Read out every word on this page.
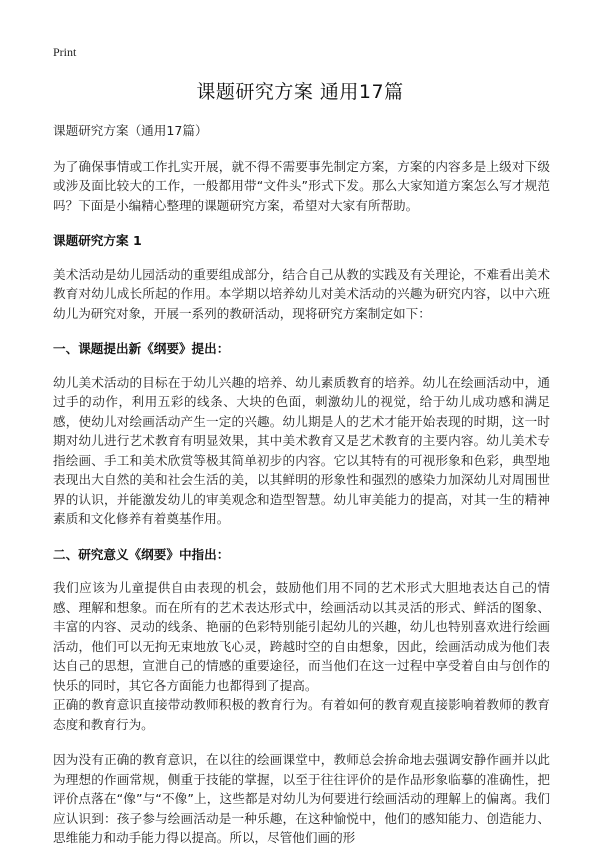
Print
课题研究方案 通用17篇

课题研究方案（通用17篇）

为了确保事情或工作扎实开展，就不得不需要事先制定方案，方案的内容多是上级对下级或涉及面比较大的工作，一般都用带“文件头”形式下发。那么大家知道方案怎么写才规范吗？下面是小编精心整理的课题研究方案，希望对大家有所帮助。

课题研究方案 1

美术活动是幼儿园活动的重要组成部分，结合自己从教的实践及有关理论，不难看出美术教育对幼儿成长所起的作用。本学期以培养幼儿对美术活动的兴趣为研究内容，以中六班幼儿为研究对象，开展一系列的教研活动，现将研究方案制定如下：

一、课题提出新《纲要》提出：

幼儿美术活动的目标在于幼儿兴趣的培养、幼儿素质教育的培养。幼儿在绘画活动中，通过手的动作，利用五彩的线条、大块的色面，刺激幼儿的视觉，给于幼儿成功感和满足感，使幼儿对绘画活动产生一定的兴趣。幼儿期是人的艺术才能开始表现的时期，这一时期对幼儿进行艺术教育有明显效果，其中美术教育又是艺术教育的主要内容。幼儿美术专指绘画、手工和美术欣赏等极其简单初步的内容。它以其特有的可视形象和色彩，典型地表现出大自然的美和社会生活的美，以其鲜明的形象性和强烈的感染力加深幼儿对周围世界的认识，并能激发幼儿的审美观念和造型智慧。幼儿审美能力的提高，对其一生的精神素质和文化修养有着奠基作用。

二、研究意义《纲要》中指出：

我们应该为儿童提供自由表现的机会，鼓励他们用不同的艺术形式大胆地表达自己的情感、理解和想象。而在所有的艺术表达形式中，绘画活动以其灵活的形式、鲜活的图象、丰富的内容、灵动的线条、艳丽的色彩特别能引起幼儿的兴趣，幼儿也特别喜欢进行绘画活动，他们可以无拘无束地放飞心灵，跨越时空的自由想象，因此，绘画活动成为他们表达自己的思想，宣泄自己的情感的重要途径，而当他们在这一过程中享受着自由与创作的快乐的同时，其它各方面能力也都得到了提高。

正确的教育意识直接带动教师积极的教育行为。有着如何的教育观直接影响着教师的教育态度和教育行为。

因为没有正确的教育意识，在以往的绘画课堂中，教师总会拚命地去强调安静作画并以此为理想的作画常规，侧重于技能的掌握，以至于往往评价的是作品形象临摹的准确性，把评价点落在“像”与“不像”上，这些都是对幼儿为何要进行绘画活动的理解上的偏离。我们应认识到：孩子参与绘画活动是一种乐趣，在这种愉悦中，他们的感知能力、创造能力、思维能力和动手能力得以提高。所以，尽管他们画的形
